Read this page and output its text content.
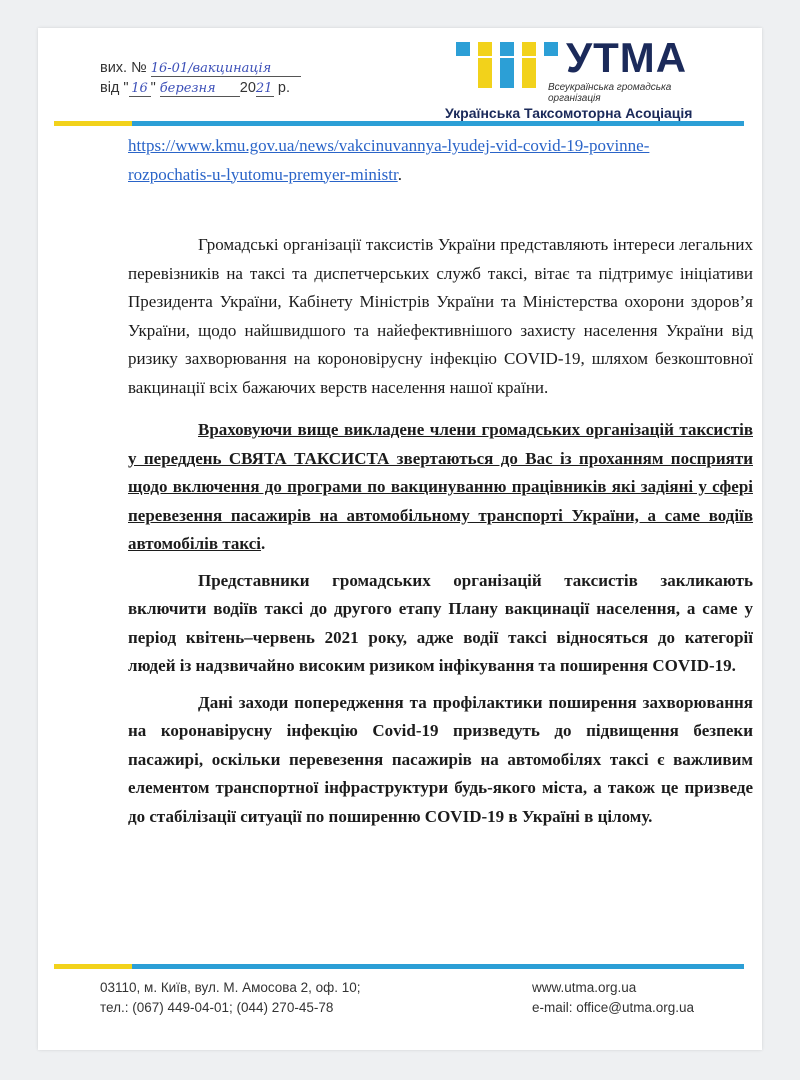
вих. № 16-01/вакцинація
від " 16 " березня 2021 р.
УТМА
Всеукраїнська громадська організація
Українська Таксомоторна Асоціація

https://www.kmu.gov.ua/news/vakcinuvannya-lyudej-vid-covid-19-povinne-
rozpochatis-u-lyutomu-premyer-ministr.

Громадські організації таксистів України представляють інтереси легальних перевізників на таксі та диспетчерських служб таксі, вітає та підтримує ініціативи Президента України, Кабінету Міністрів України та Міністерства охорони здоров’я України, щодо найшвидшого та найефективнішого захисту населення України від ризику захворювання на короновірусну інфекцію COVID-19, шляхом безкоштовної вакцинації всіх бажаючих верств населення нашої країни.

Враховуючи вище викладене члени громадських організацій таксистів у переддень СВЯТА ТАКСИСТА звертаються до Вас із проханням посприяти щодо включення до програми по вакцинуванню працівників які задіяні у сфері перевезення пасажирів на автомобільному транспорті України, а саме водіїв автомобілів таксі.

Представники громадських організацій таксистів закликають включити водіїв таксі до другого етапу Плану вакцинації населення, а саме у період квітень–червень 2021 року, адже водії таксі відносяться до категорії людей із надзвичайно високим ризиком інфікування та поширення COVID-19.

Дані заходи попередження та профілактики поширення захворювання на коронавірусну інфекцію Covid-19 призведуть до підвищення безпеки пасажирі, оскільки перевезення пасажирів на автомобілях таксі є важливим елементом транспортної інфраструктури будь-якого міста, а також це призведе до стабілізації ситуації по поширенню COVID-19 в Україні в цілому.

03110, м. Київ, вул. М. Амосова 2, оф. 10;
тел.: (067) 449-04-01; (044) 270-45-78
www.utma.org.ua
e-mail: office@utma.org.ua
